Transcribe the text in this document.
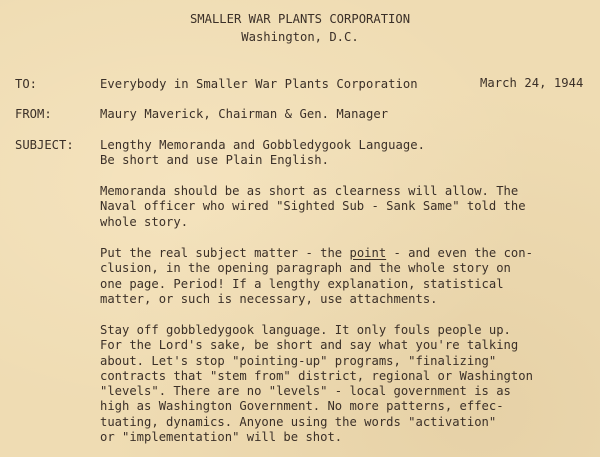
SMALLER WAR PLANTS CORPORATION
Washington, D.C.
TO:	Everybody in Smaller War Plants Corporation	March 24, 1944
FROM:	Maury Maverick, Chairman & Gen. Manager
SUBJECT: Lengthy Memoranda and Gobbledygook Language.
Be short and use Plain English.
Memoranda should be as short as clearness will allow. The
Naval officer who wired "Sighted Sub - Sank Same" told the
whole story.
Put the real subject matter - the point - and even the con-
clusion, in the opening paragraph and the whole story on
one page. Period! If a lengthy explanation, statistical
matter, or such is necessary, use attachments.
Stay off gobbledygook language. It only fouls people up.
For the Lord's sake, be short and say what you're talking
about. Let's stop "pointing-up" programs, "finalizing"
contracts that "stem from" district, regional or Washington
"levels". There are no "levels" - local government is as
high as Washington Government. No more patterns, effec-
tuating, dynamics. Anyone using the words "activation"
or "implementation" will be shot.
